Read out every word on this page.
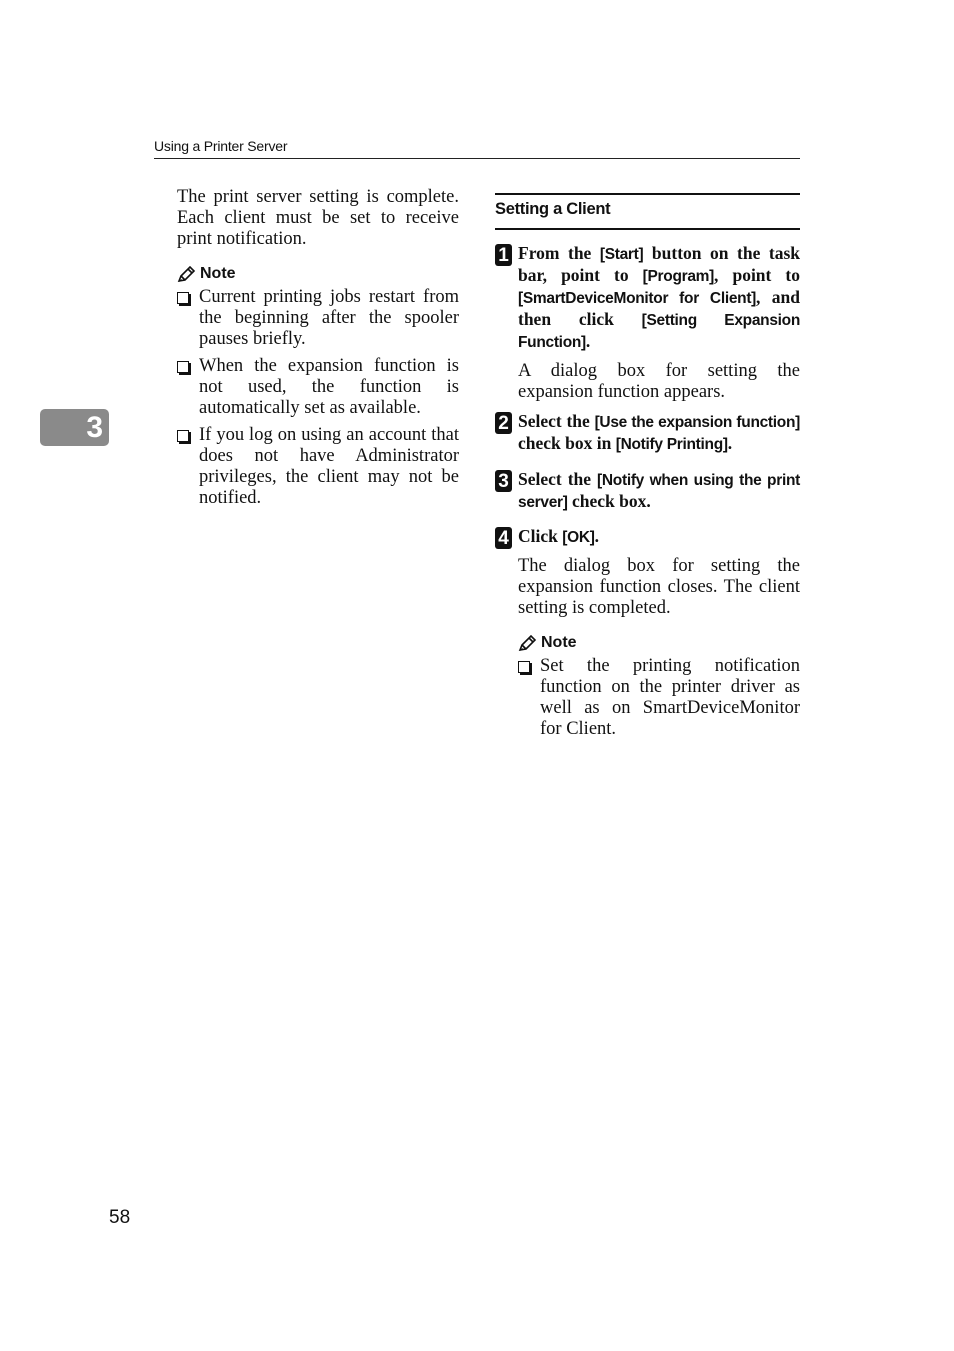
Using a Printer Server
3

The print server setting is complete. Each client must be set to receive print notification.

Note
Current printing jobs restart from the beginning after the spooler pauses briefly.
When the expansion function is not used, the function is automatically set as available.
If you log on using an account that does not have Administrator privileges, the client may not be notified.
Setting a Client
1 From the [Start] button on the task bar, point to [Program], point to [SmartDeviceMonitor for Client], and then click [Setting Expansion Function].

A dialog box for setting the expansion function appears.

2 Select the [Use the expansion function] check box in [Notify Printing].
3 Select the [Notify when using the print server] check box.
4 Click [OK].

The dialog box for setting the expansion function closes. The client setting is completed.

Note
Set the printing notification function on the printer driver as well as on SmartDeviceMonitor for Client.
58
